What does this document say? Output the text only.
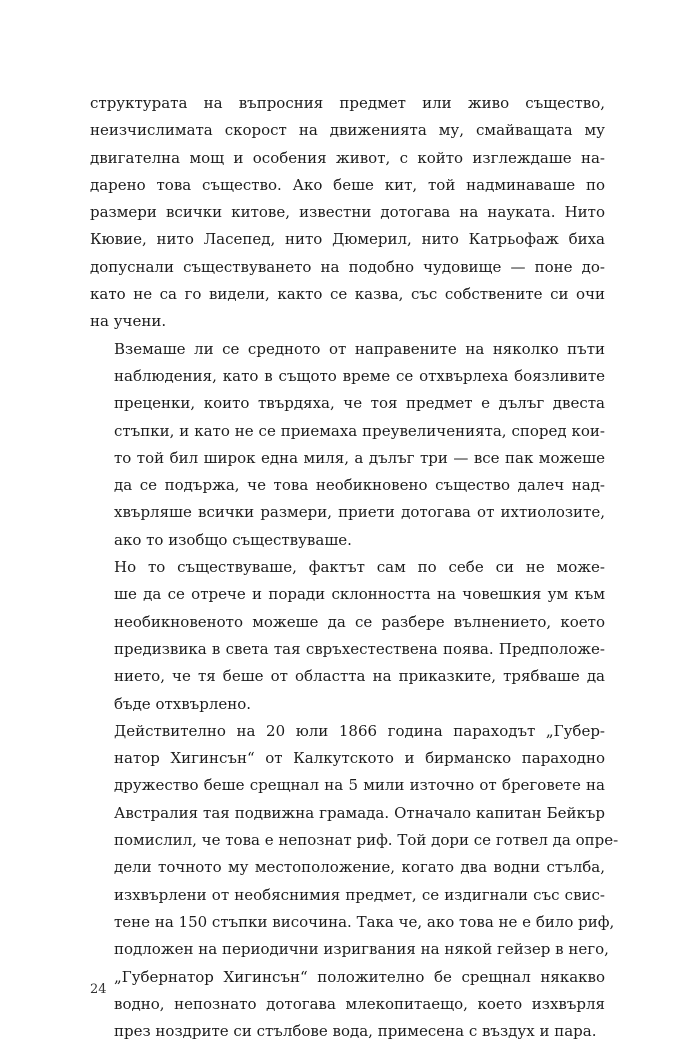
структурата на въпросния предмет или живо същество,
неизчислимата скорост на движенията му, смайващата му
двигателна мощ и особения живот, с който изглеждаше на-
дарено това същество. Ако беше кит, той надминаваше по
размери всички китове, известни дотогава на науката. Нито
Кювие, нито Ласепед, нито Дюмерил, нито Катрьофаж биха
допуснали съществуването на подобно чудовище — поне до-
като не са го видели, както се казва, със собствените си очи
на учени.

Вземаше ли се средното от направените на няколко пъти
наблюдения, като в същото време се отхвърлеха боязливите
преценки, които твърдяха, че тоя предмет е дълъг двеста
стъпки, и като не се приемаха преувеличенията, според кои-
то той бил широк една миля, а дълъг три — все пак можеше
да се подържа, че това необикновено същество далеч над-
хвърляше всички размери, приети дотогава от ихтиолозите,
ако то изобщо съществуваше.

Но то съществуваше, фактът сам по себе си не може-
ше да се отрече и поради склонността на човешкия ум към
необикновеното можеше да се разбере вълнението, което
предизвика в света тая свръхестествена поява. Предположе-
нието, че тя беше от областта на приказките, трябваше да
бъде отхвърлено.

Действително на 20 юли 1866 година параходът „Губер-
натор Хигинсън“ от Калкутското и бирманско параходно
дружество беше срещнал на 5 мили източно от бреговете на
Австралия тая подвижна грамада. Отначало капитан Бейкър
помислил, че това е непознат риф. Той дори се готвел да опре-
дели точното му местоположение, когато два водни стълба,
изхвърлени от необяснимия предмет, се издигнали със свис-
тене на 150 стъпки височина. Така че, ако това не е било риф,
подложен на периодични изригвания на някой гейзер в него,
„Губернатор Хигинсън“ положително бе срещнал някакво
водно, непознато дотогава млекопитаещо, което изхвърля
през ноздрите си стълбове вода, примесена с въздух и пара.

24
